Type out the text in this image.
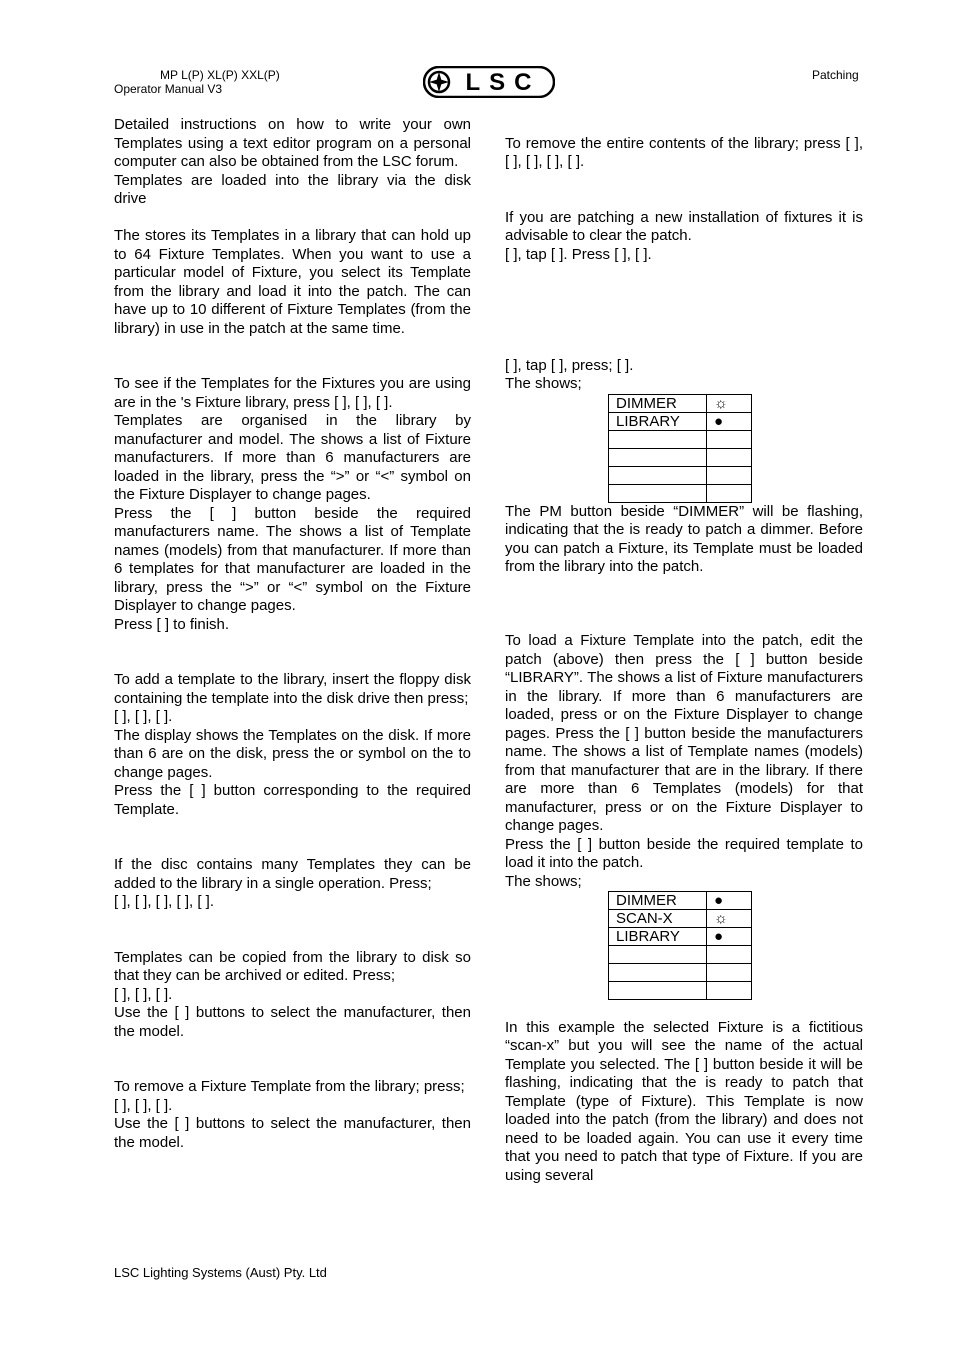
MP L(P) XL(P) XXL(P)
Operator Manual V3
Patching
LSC

Detailed instructions on how to write your own Templates using a text editor program on a personal computer can also be obtained from the LSC forum.

Templates are loaded into the library via the disk drive

The stores its Templates in a library that can hold up to 64 Fixture Templates. When you want to use a particular model of Fixture, you select its Template from the library and load it into the patch. The can have up to 10 different of Fixture Templates (from the library) in use in the patch at the same time.

To see if the Templates for the Fixtures you are using are in the 's Fixture library, press [ ], [ ], [ ].

Templates are organised in the library by manufacturer and model. The shows a list of Fixture manufacturers. If more than 6 manufacturers are loaded in the library, press the “>” or “<” symbol on the Fixture Displayer to change pages.

Press the [ ] button beside the required manufacturers name. The shows a list of Template names (models) from that manufacturer. If more than 6 templates for that manufacturer are loaded in the library, press the “>” or “<” symbol on the Fixture Displayer to change pages.

Press [ ] to finish.

To add a template to the library, insert the floppy disk containing the template into the disk drive then press;

[ ], [ ], [ ].

The display shows the Templates on the disk. If more than 6 are on the disk, press the or symbol on the to change pages.

Press the [ ] button corresponding to the required Template.

If the disc contains many Templates they can be added to the library in a single operation. Press;

[ ], [ ], [ ], [ ], [ ].

Templates can be copied from the library to disk so that they can be archived or edited. Press;

[ ], [ ], [ ].

Use the [ ] buttons to select the manufacturer, then the model.

To remove a Fixture Template from the library; press;

[ ], [ ], [ ].

Use the [ ] buttons to select the manufacturer, then the model.

To remove the entire contents of the library; press [ ], [ ], [ ], [ ], [ ].

If you are patching a new installation of fixtures it is advisable to clear the patch.

[ ], tap [ ]. Press [ ], [ ].

[ ], tap [ ], press; [ ].

The shows;

DIMMER	☼
LIBRARY	●

The PM button beside “DIMMER” will be flashing, indicating that the is ready to patch a dimmer. Before you can patch a Fixture, its Template must be loaded from the library into the patch.

To load a Fixture Template into the patch, edit the patch (above) then press the [ ] button beside “LIBRARY”. The shows a list of Fixture manufacturers in the library. If more than 6 manufacturers are loaded, press or on the Fixture Displayer to change pages. Press the [ ] button beside the manufacturers name. The shows a list of Template names (models) from that manufacturer that are in the library. If there are more than 6 Templates (models) for that manufacturer, press or on the Fixture Displayer to change pages.

Press the [ ] button beside the required template to load it into the patch.

The shows;

DIMMER	●
SCAN-X	☼
LIBRARY	●

In this example the selected Fixture is a fictitious “scan-x” but you will see the name of the actual Template you selected. The [ ] button beside it will be flashing, indicating that the is ready to patch that Template (type of Fixture). This Template is now loaded into the patch (from the library) and does not need to be loaded again. You can use it every time that you need to patch that type of Fixture. If you are using several

LSC Lighting Systems (Aust) Pty. Ltd
